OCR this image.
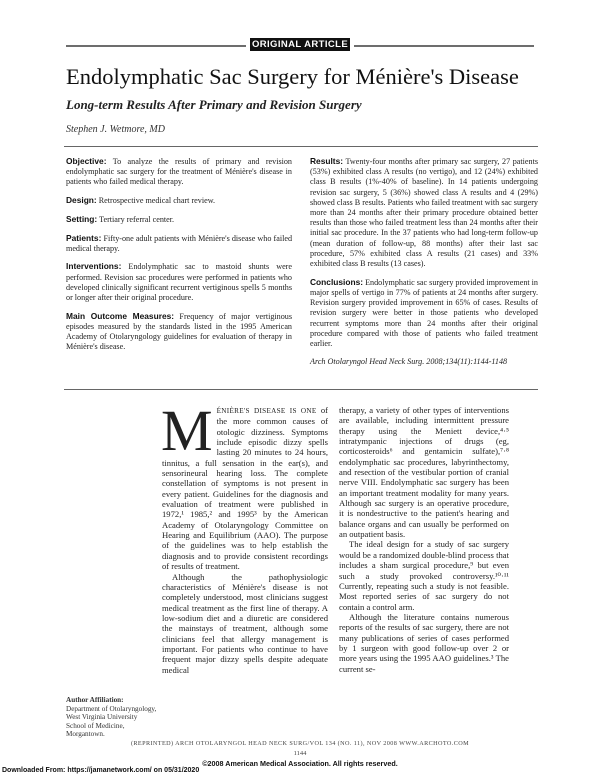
ORIGINAL ARTICLE
Endolymphatic Sac Surgery for Ménière's Disease
Long-term Results After Primary and Revision Surgery
Stephen J. Wetmore, MD

Objective: To analyze the results of primary and revision endolymphatic sac surgery for the treatment of Ménière's disease in patients who failed medical therapy.

Design: Retrospective medical chart review.

Setting: Tertiary referral center.

Patients: Fifty-one adult patients with Ménière's disease who failed medical therapy.

Interventions: Endolymphatic sac to mastoid shunts were performed. Revision sac procedures were performed in patients who developed clinically significant recurrent vertiginous spells 5 months or longer after their original procedure.

Main Outcome Measures: Frequency of major vertiginous episodes measured by the standards listed in the 1995 American Academy of Otolaryngology guidelines for evaluation of therapy in Ménière's disease.

Results: Twenty-four months after primary sac surgery, 27 patients (53%) exhibited class A results (no vertigo), and 12 (24%) exhibited class B results (1%-40% of baseline). In 14 patients undergoing revision sac surgery, 5 (36%) showed class A results and 4 (29%) showed class B results. Patients who failed treatment with sac surgery more than 24 months after their primary procedure obtained better results than those who failed treatment less than 24 months after their initial sac procedure. In the 37 patients who had long-term follow-up (mean duration of follow-up, 88 months) after their last sac procedure, 57% exhibited class A results (21 cases) and 33% exhibited class B results (13 cases).

Conclusions: Endolymphatic sac surgery provided improvement in major spells of vertigo in 77% of patients at 24 months after surgery. Revision surgery provided improvement in 65% of cases. Results of revision surgery were better in those patients who developed recurrent symptoms more than 24 months after their original procedure compared with those of patients who failed treatment earlier.

Arch Otolaryngol Head Neck Surg. 2008;134(11):1144-1148

MÉNIÈRE'S DISEASE IS ONE of the more common causes of otologic dizziness. Symptoms include episodic dizzy spells lasting 20 minutes to 24 hours, tinnitus, a full sensation in the ear(s), and sensorineural hearing loss. The complete constellation of symptoms is not present in every patient. Guidelines for the diagnosis and evaluation of treatment were published in 1972,¹ 1985,² and 1995³ by the American Academy of Otolaryngology Committee on Hearing and Equilibrium (AAO). The purpose of the guidelines was to help establish the diagnosis and to provide consistent recordings of results of treatment.

Although the pathophysiologic characteristics of Ménière's disease is not completely understood, most clinicians suggest medical treatment as the first line of therapy. A low-sodium diet and a diuretic are considered the mainstays of treatment, although some clinicians feel that allergy management is important. For patients who continue to have frequent major dizzy spells despite adequate medical

therapy, a variety of other types of interventions are available, including intermittent pressure therapy using the Meniett device,⁴·⁵ intratympanic injections of drugs (eg, corticosteroids⁶ and gentamicin sulfate),⁷·⁸ endolymphatic sac procedures, labyrinthectomy, and resection of the vestibular portion of cranial nerve VIII. Endolymphatic sac surgery has been an important treatment modality for many years. Although sac surgery is an operative procedure, it is nondestructive to the patient's hearing and balance organs and can usually be performed on an outpatient basis.

The ideal design for a study of sac surgery would be a randomized double-blind process that includes a sham surgical procedure,⁹ but even such a study provoked controversy.¹⁰·¹¹ Currently, repeating such a study is not feasible. Most reported series of sac surgery do not contain a control arm.

Although the literature contains numerous reports of the results of sac surgery, there are not many publications of series of cases performed by 1 surgeon with good follow-up over 2 or more years using the 1995 AAO guidelines.³ The current se-

Author Affiliation: Department of Otolaryngology, West Virginia University School of Medicine, Morgantown.
(REPRINTED) ARCH OTOLARYNGOL HEAD NECK SURG/VOL 134 (NO. 11), NOV 2008 WWW.ARCHOTO.COM
1144
©2008 American Medical Association. All rights reserved.
Downloaded From: https://jamanetwork.com/ on 05/31/2020
